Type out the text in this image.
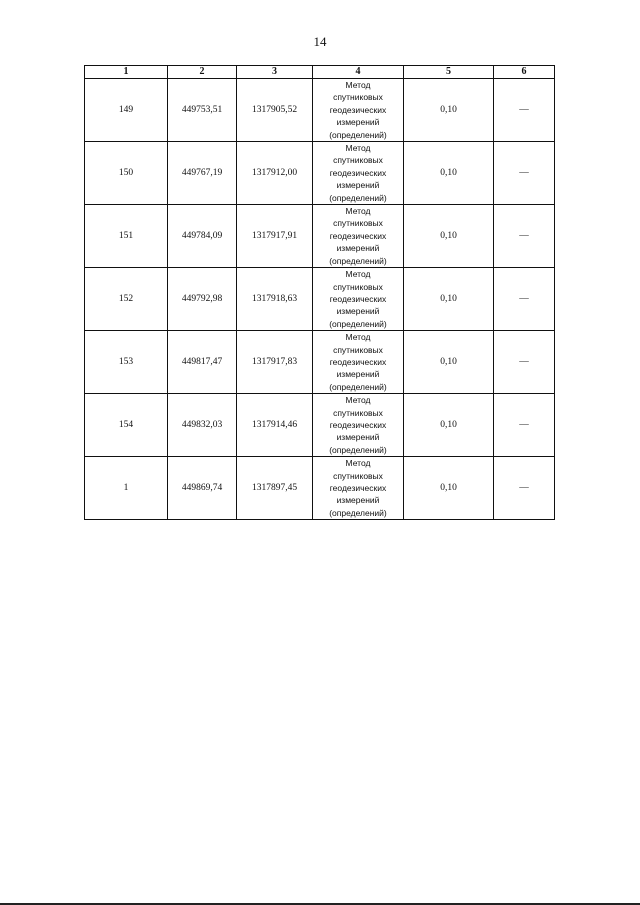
14
1	2	3	4	5	6
149	449753,51	1317905,52	Метод
спутниковых
геодезических
измерений
(определений)	0,10	—
150	449767,19	1317912,00	Метод
спутниковых
геодезических
измерений
(определений)	0,10	—
151	449784,09	1317917,91	Метод
спутниковых
геодезических
измерений
(определений)	0,10	—
152	449792,98	1317918,63	Метод
спутниковых
геодезических
измерений
(определений)	0,10	—
153	449817,47	1317917,83	Метод
спутниковых
геодезических
измерений
(определений)	0,10	—
154	449832,03	1317914,46	Метод
спутниковых
геодезических
измерений
(определений)	0,10	—
1	449869,74	1317897,45	Метод
спутниковых
геодезических
измерений
(определений)	0,10	—
